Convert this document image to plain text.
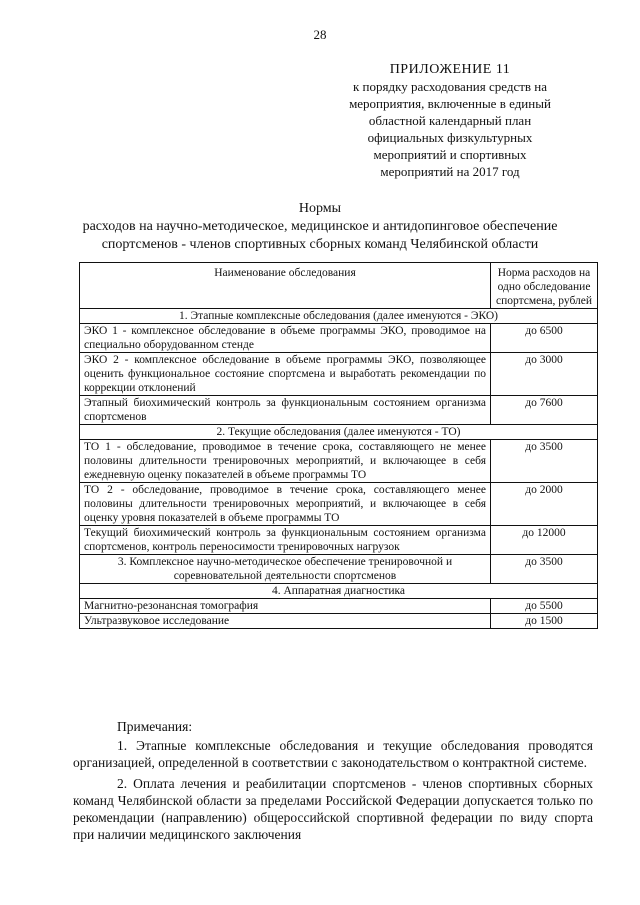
28
ПРИЛОЖЕНИЕ 11
к порядку расходования средств на
мероприятия, включенные в единый
областной календарный план
официальных физкультурных
мероприятий и спортивных
мероприятий на 2017 год
Нормы
расходов на научно-методическое, медицинское и антидопинговое обеспечение
спортсменов - членов спортивных сборных команд Челябинской области
Наименование обследования	Норма расходов на одно обследование спортсмена, рублей
1. Этапные комплексные обследования (далее именуются - ЭКО)	
ЭКО 1 - комплексное обследование в объеме программы ЭКО, проводимое на специально оборудованном стенде	до 6500
ЭКО 2 - комплексное обследование в объеме программы ЭКО, позволяющее оценить функциональное состояние спортсмена и выработать рекомендации по коррекции отклонений	до 3000
Этапный биохимический контроль за функциональным состоянием организма спортсменов	до 7600
2. Текущие обследования (далее именуются - ТО)	
ТО 1 - обследование, проводимое в течение срока, составляющего не менее половины длительности тренировочных мероприятий, и включающее в себя ежедневную оценку показателей в объеме программы ТО	до 3500
ТО 2 - обследование, проводимое в течение срока, составляющего менее половины длительности тренировочных мероприятий, и включающее в себя оценку уровня показателей в объеме программы ТО	до 2000
Текущий биохимический контроль за функциональным состоянием организма спортсменов, контроль переносимости тренировочных нагрузок	до 12000
3. Комплексное научно-методическое обеспечение тренировочной и соревновательной деятельности спортсменов	до 3500
4. Аппаратная диагностика	
Магнитно-резонансная томография	до 5500
Ультразвуковое исследование	до 1500

Примечания:

1. Этапные комплексные обследования и текущие обследования проводятся организацией, определенной в соответствии с законодательством о контрактной системе.

2. Оплата лечения и реабилитации спортсменов - членов спортивных сборных команд Челябинской области за пределами Российской Федерации допускается только по рекомендации (направлению) общероссийской спортивной федерации по виду спорта при наличии медицинского заключения
